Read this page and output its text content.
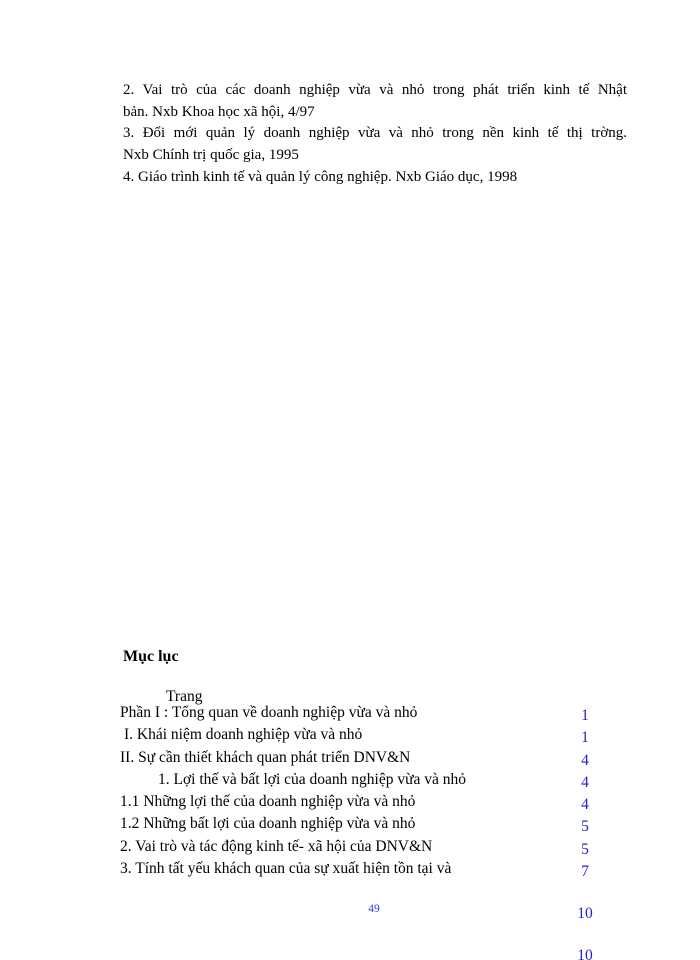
2. Vai trò của các doanh nghiệp vừa và nhỏ trong phát triển kinh tế Nhật
bản. Nxb Khoa học xã hội, 4/97
3. Đổi mới quản lý doanh nghiệp vừa và nhỏ trong nền kinh tế thị trờng.
Nxb Chính trị quốc gia, 1995
4. Giáo trình kinh tế và quản lý công nghiệp. Nxb Giáo dục, 1998
Mục lục
Trang
Phần I : Tổng quan về doanh nghiệp vừa và nhỏ	1
I. Khái niệm doanh nghiệp vừa và nhỏ	1
II. Sự cần thiết khách quan phát triển DNV&N	4
1. Lợi thế và bất lợi của doanh nghiệp vừa và nhỏ	4
1.1 Những lợi thế của doanh nghiệp vừa và nhỏ	4
1.2 Những bất lợi của doanh nghiệp vừa và nhỏ	5
2. Vai trò và tác động kinh tế- xã hội của DNV&N	5
3. Tính tất yếu khách quan của sự xuất hiện tồn tại và	7
10
10
49
